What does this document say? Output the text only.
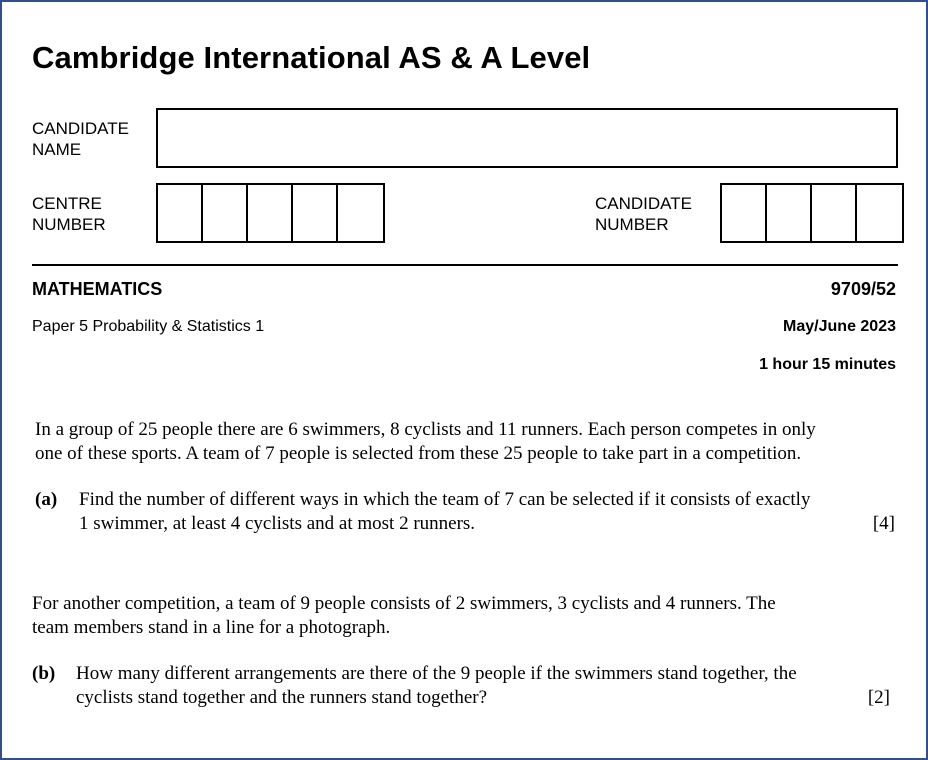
Cambridge International AS & A Level
CANDIDATE
NAME
CENTRE
NUMBER
CANDIDATE
NUMBER
MATHEMATICS	9709/52
Paper 5 Probability & Statistics 1	May/June 2023
1 hour 15 minutes
In a group of 25 people there are 6 swimmers, 8 cyclists and 11 runners. Each person competes in only
one of these sports. A team of 7 people is selected from these 25 people to take part in a competition.
(a) Find the number of different ways in which the team of 7 can be selected if it consists of exactly
1 swimmer, at least 4 cyclists and at most 2 runners.	[4]
For another competition, a team of 9 people consists of 2 swimmers, 3 cyclists and 4 runners. The
team members stand in a line for a photograph.
(b) How many different arrangements are there of the 9 people if the swimmers stand together, the
cyclists stand together and the runners stand together?	[2]
